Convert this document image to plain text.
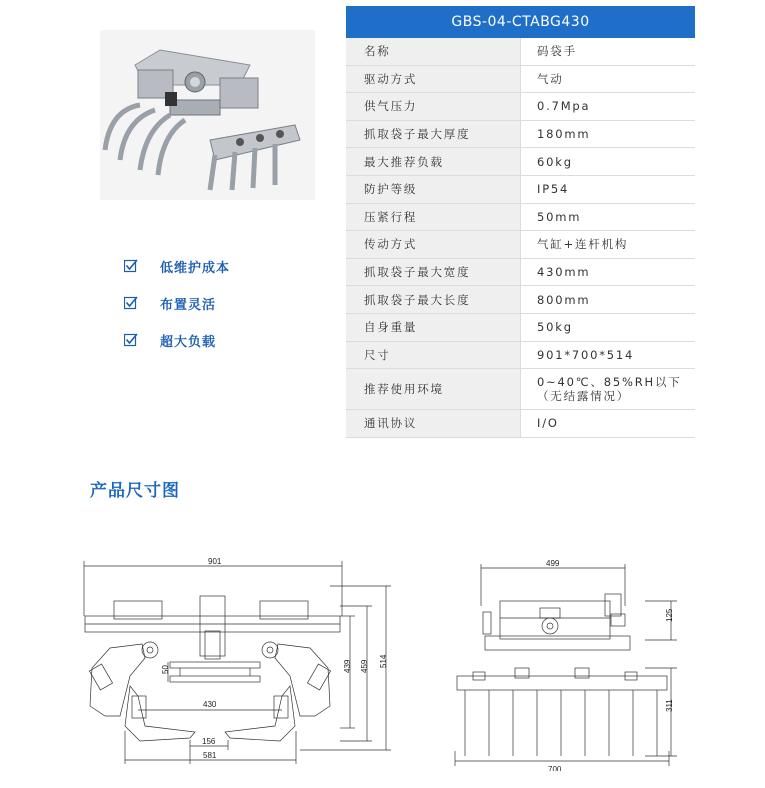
低维护成本
布置灵活
超大负载
GBS-04-CTABG430	
名称	码袋手
驱动方式	气动
供气压力	0.7Mpa
抓取袋子最大厚度	180mm
最大推荐负载	60kg
防护等级	IP54
压紧行程	50mm
传动方式	气缸+连杆机构
抓取袋子最大宽度	430mm
抓取袋子最大长度	800mm
自身重量	50kg
尺寸	901*700*514
推荐使用环境	0~40℃、85%RH以下
（无结露情况）

通讯协议	I/O
产品尺寸图
901
430
156
581
50	439 459 514
499
700
125
311
